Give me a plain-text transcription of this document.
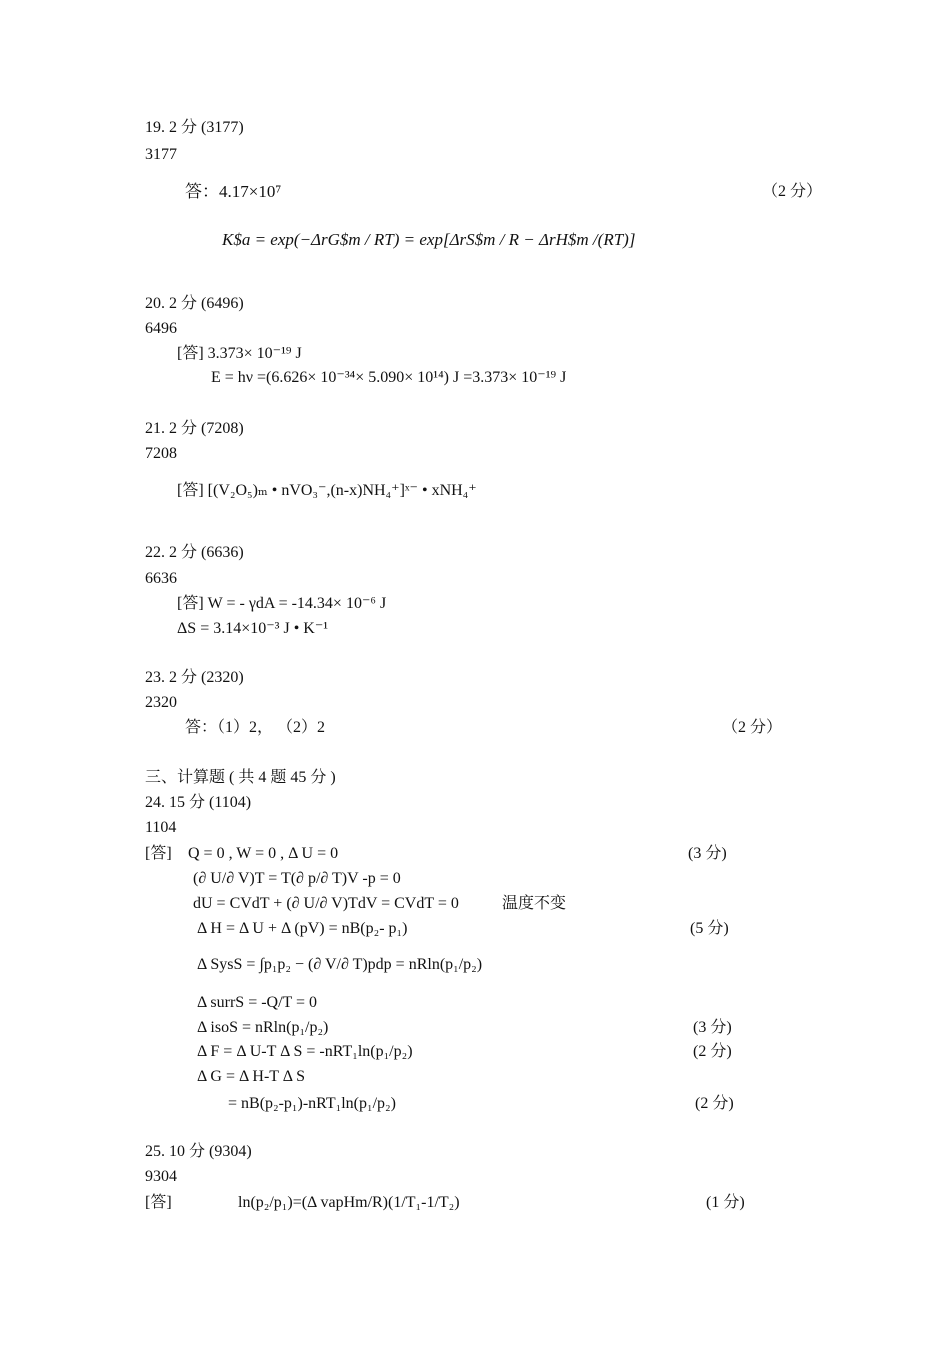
19. 2 分 (3177)
3177
答：4.17×10⁷	（2 分）
K$a = exp(−ΔrG$m / RT) = exp[ΔrS$m / R − ΔrH$m /(RT)]
20. 2 分 (6496)
6496
[答] 3.373× 10⁻¹⁹ J
E = hν =(6.626× 10⁻³⁴× 5.090× 10¹⁴) J =3.373× 10⁻¹⁹ J
21. 2 分 (7208)
7208
[答] [(V₂O₅)ₘ • nVO₃⁻,(n-x)NH₄⁺]ˣ⁻ • xNH₄⁺
22. 2 分 (6636)
6636
[答] W = - γdA = -14.34× 10⁻⁶ J
ΔS = 3.14×10⁻³ J • K⁻¹
23. 2 分 (2320)
2320
答：（1）2， （2）2	（2 分）
三、计算题 ( 共 4 题 45 分 )
24. 15 分 (1104)
1104
[答] Q = 0 , W = 0 , Δ U = 0	(3 分)
(∂ U/∂ V)T = T(∂ p/∂ T)V -p = 0
dU = CVdT + (∂ U/∂ V)TdV = CVdT = 0	温度不变
Δ H = Δ U + Δ (pV) = nB(p₂- p₁)	(5 分)
Δ SysS = ∫p₁p₂ − (∂ V/∂ T)pdp = nRln(p₁/p₂)
Δ surrS = -Q/T = 0
Δ isoS = nRln(p₁/p₂)	(3 分)
Δ F = Δ U-T Δ S = -nRT₁ln(p₁/p₂)	(2 分)
Δ G = Δ H-T Δ S
= nB(p₂-p₁)-nRT₁ln(p₁/p₂)	(2 分)
25. 10 分 (9304)
9304
[答]	ln(p₂/p₁)=(Δ vapHm/R)(1/T₁-1/T₂)	(1 分)
